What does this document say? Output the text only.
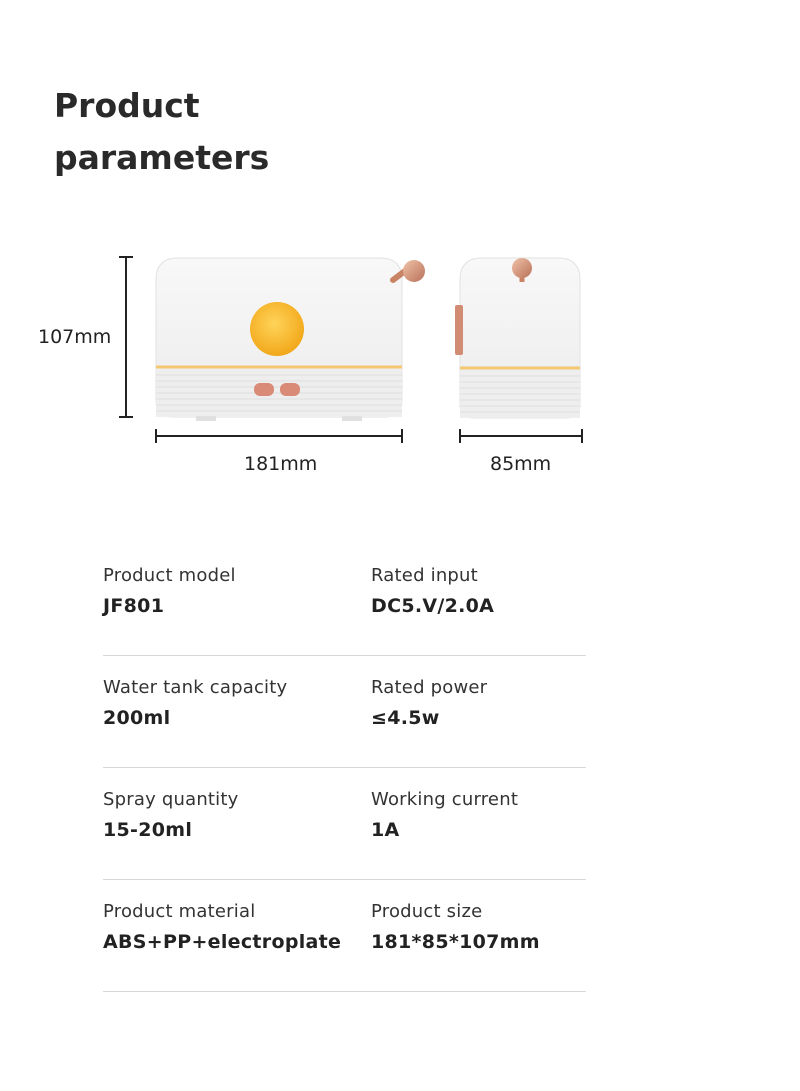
Product
parameters
107mm
181mm	85mm
Product model
JF801
Rated input
DC5.V/2.0A
Water tank capacity
200ml
Rated power
≤4.5w
Spray quantity
15-20ml
Working current
1A
Product material
ABS+PP+electroplate
Product size
181*85*107mm
